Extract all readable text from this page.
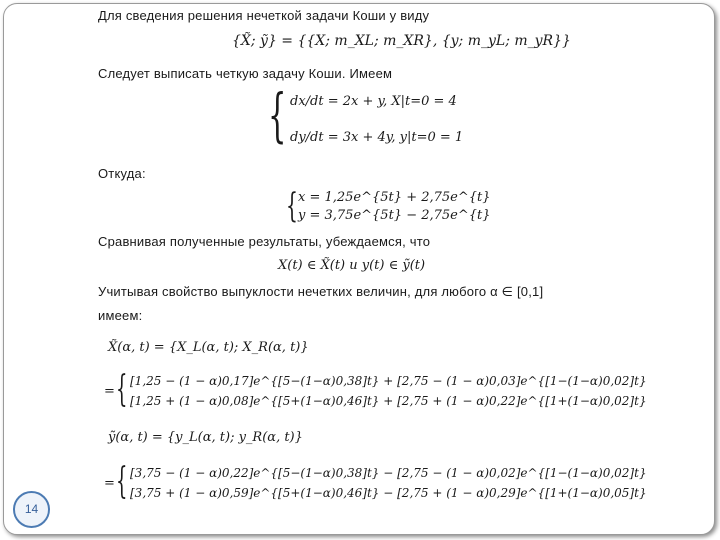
Для сведения решения нечеткой задачи Коши у виду
{X̃; ỹ} = {{X; m_XL; m_XR}, {y; m_yL; m_yR}}
Следует выписать четкую задачу Коши. Имеем
{ dx/dt = 2x + y, X|t=0 = 4
dy/dt = 3x + 4y, y|t=0 = 1
Откуда:
{ x = 1,25e^{5t} + 2,75e^{t}
y = 3,75e^{5t} − 2,75e^{t}
Сравнивая полученные результаты, убеждаемся, что
X(t) ∈ X̃(t) и y(t) ∈ ỹ(t)
Учитывая свойство выпуклости нечетких величин, для любого α ∈ [0,1]
имеем:
X̃(α, t) = {X_L(α, t); X_R(α, t)}
= { [1,25 − (1 − α)0,17]e^{[5−(1−α)0,38]t} + [2,75 − (1 − α)0,03]e^{[1−(1−α)0,02]t}
[1,25 + (1 − α)0,08]e^{[5+(1−α)0,46]t} + [2,75 + (1 − α)0,22]e^{[1+(1−α)0,02]t}
ỹ(α, t) = {y_L(α, t); y_R(α, t)}
= { [3,75 − (1 − α)0,22]e^{[5−(1−α)0,38]t} − [2,75 − (1 − α)0,02]e^{[1−(1−α)0,02]t}
[3,75 + (1 − α)0,59]e^{[5+(1−α)0,46]t} − [2,75 + (1 − α)0,29]e^{[1+(1−α)0,05]t}
14
